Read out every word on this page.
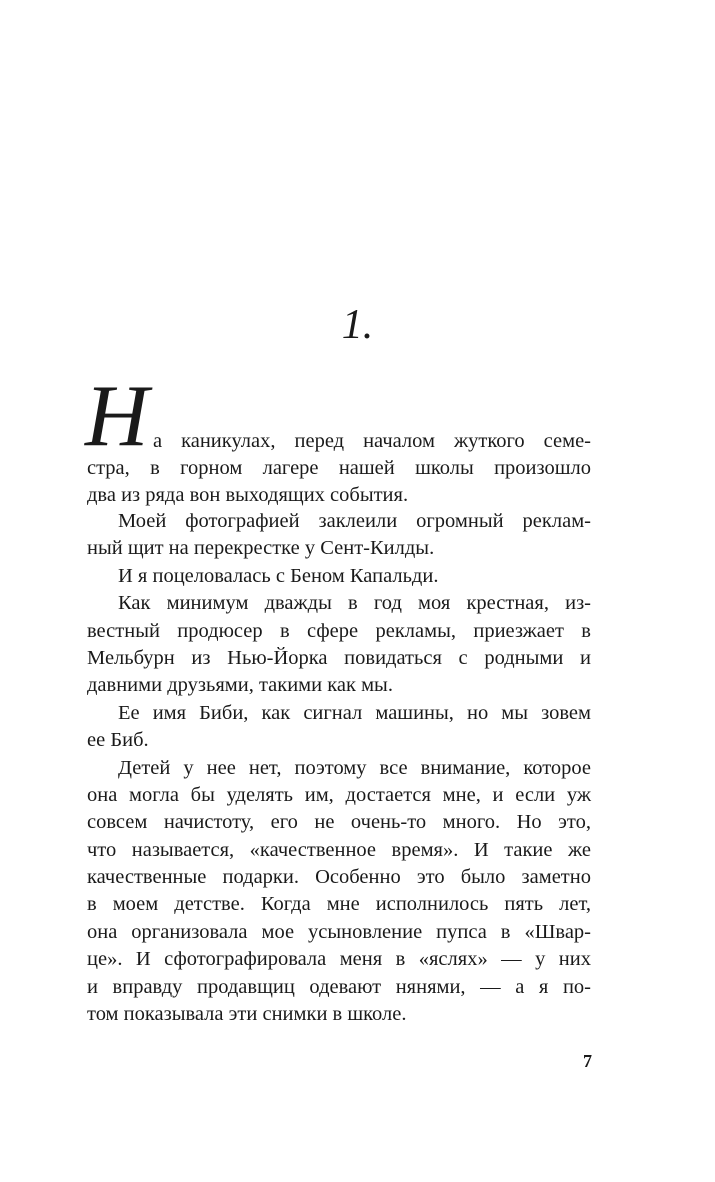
1.
Н а каникулах, перед началом жуткого семе-
стра, в горном лагере нашей школы произошло
два из ряда вон выходящих события.
Моей фотографией заклеили огромный реклам-
ный щит на перекрестке у Сент-Килды.
И я поцеловалась с Беном Капальди.
Как минимум дважды в год моя крестная, из-
вестный продюсер в сфере рекламы, приезжает в
Мельбурн из Нью-Йорка повидаться с родными и
давними друзьями, такими как мы.
Ее имя Биби, как сигнал машины, но мы зовем
ее Биб.
Детей у нее нет, поэтому все внимание, которое
она могла бы уделять им, достается мне, и если уж
совсем начистоту, его не очень-то много. Но это,
что называется, «качественное время». И такие же
качественные подарки. Особенно это было заметно
в моем детстве. Когда мне исполнилось пять лет,
она организовала мое усыновление пупса в «Швар-
це». И сфотографировала меня в «яслях» — у них
и вправду продавщиц одевают нянями, — а я по-
том показывала эти снимки в школе.
7
